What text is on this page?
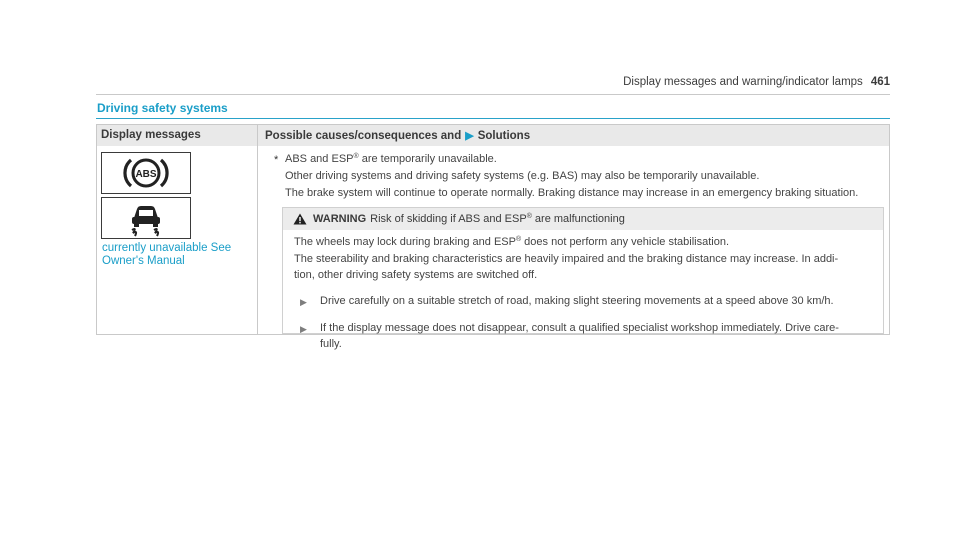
Display messages and warning/indicator lamps 461
Driving safety systems
Display messages	Possible causes/consequences and ▶ Solutions
ABS
currently unavailable See
Owner's Manual
* ABS and ESP® are temporarily unavailable.

Other driving systems and driving safety systems (e.g. BAS) may also be temporarily unavailable.

The brake system will continue to operate normally. Braking distance may increase in an emergency braking situation.

WARNING Risk of skidding if ABS and ESP® are malfunctioning

The wheels may lock during braking and ESP® does not perform any vehicle stabilisation.

The steerability and braking characteristics are heavily impaired and the braking distance may increase. In addi-

tion, other driving safety systems are switched off.

▶	Drive carefully on a suitable stretch of road, making slight steering movements at a speed above 30 km/h.
▶	If the display message does not disappear, consult a qualified specialist workshop immediately. Drive care-
fully.
